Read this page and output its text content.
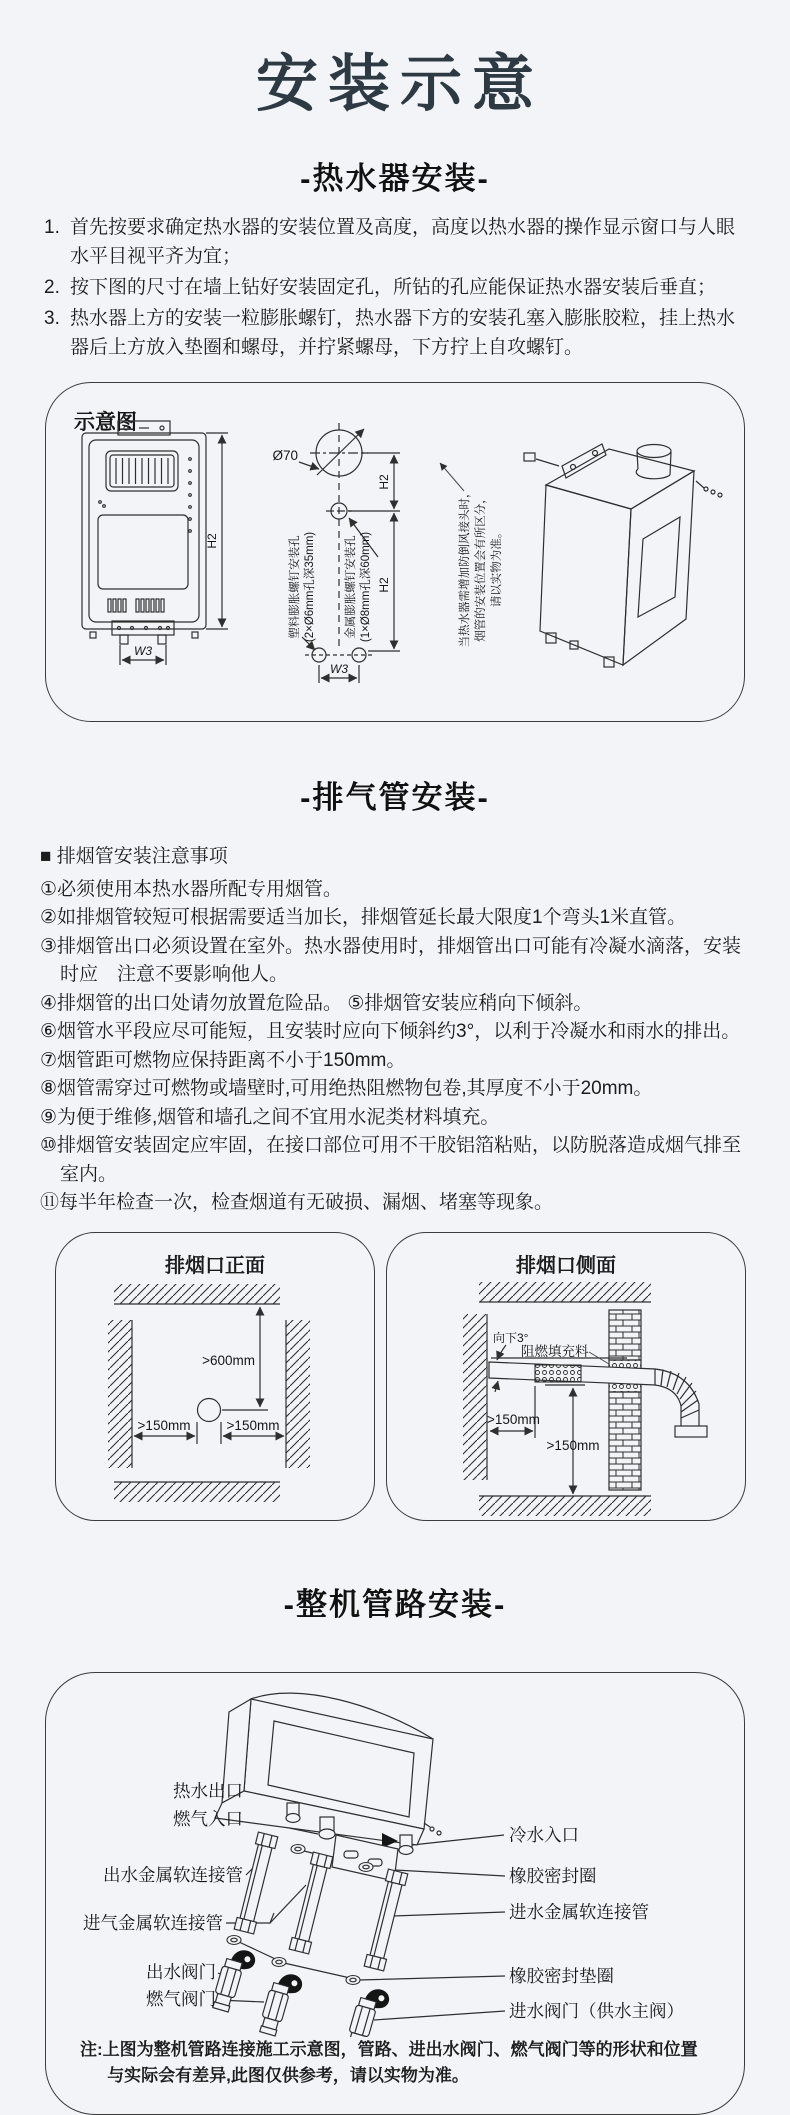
安装示意
-热水器安装-
1. 首先按要求确定热水器的安装位置及高度，高度以热水器的操作显示窗口与人眼水平目视平齐为宜；
2. 按下图的尺寸在墙上钻好安装固定孔，所钻的孔应能保证热水器安装后垂直；
3. 热水器上方的安装一粒膨胀螺钉，热水器下方的安装孔塞入膨胀胶粒，挂上热水器后上方放入垫圈和螺母，并拧紧螺母，下方拧上自攻螺钉。
示意图
H2
W3
Ø70
H2
H2
塑料膨胀螺钉安装孔 (2×Ø6mm孔深35mm)	金属膨胀螺钉安装孔 (1×Ø8mm孔深60mm)
W3
当热水器需增加防倒风接头时， 烟管的安装位置会有所区分， 请以实物为准。
-排气管安装-
■ 排烟管安装注意事项
①必须使用本热水器所配专用烟管。
②如排烟管较短可根据需要适当加长，排烟管延长最大限度1个弯头1米直管。
③排烟管出口必须设置在室外。热水器使用时，排烟管出口可能有冷凝水滴落，安装时应　注意不要影响他人。
④排烟管的出口处请勿放置危险品。 ⑤排烟管安装应稍向下倾斜。
⑥烟管水平段应尽可能短，且安装时应向下倾斜约3°，以利于冷凝水和雨水的排出。
⑦烟管距可燃物应保持距离不小于150mm。
⑧烟管需穿过可燃物或墙壁时,可用绝热阻燃物包卷,其厚度不小于20mm。
⑨为便于维修,烟管和墙孔之间不宜用水泥类材料填充。
⑩排烟管安装固定应牢固，在接口部位可用不干胶铝箔粘贴，以防脱落造成烟气排至室内。
⑪每半年检查一次，检查烟道有无破损、漏烟、堵塞等现象。
排烟口正面
>600mm
>150mm	>150mm
排烟口侧面
向下3°
阻燃填充料
>150mm
>150mm
-整机管路安装-
热水出口
燃气入口
出水金属软连接管
进气金属软连接管
出水阀门
燃气阀门
冷水入口
橡胶密封圈
进水金属软连接管
橡胶密封垫圈
进水阀门（供水主阀）
注:上图为整机管路连接施工示意图，管路、进出水阀门、燃气阀门等的形状和位置与实际会有差异,此图仅供参考，请以实物为准。
